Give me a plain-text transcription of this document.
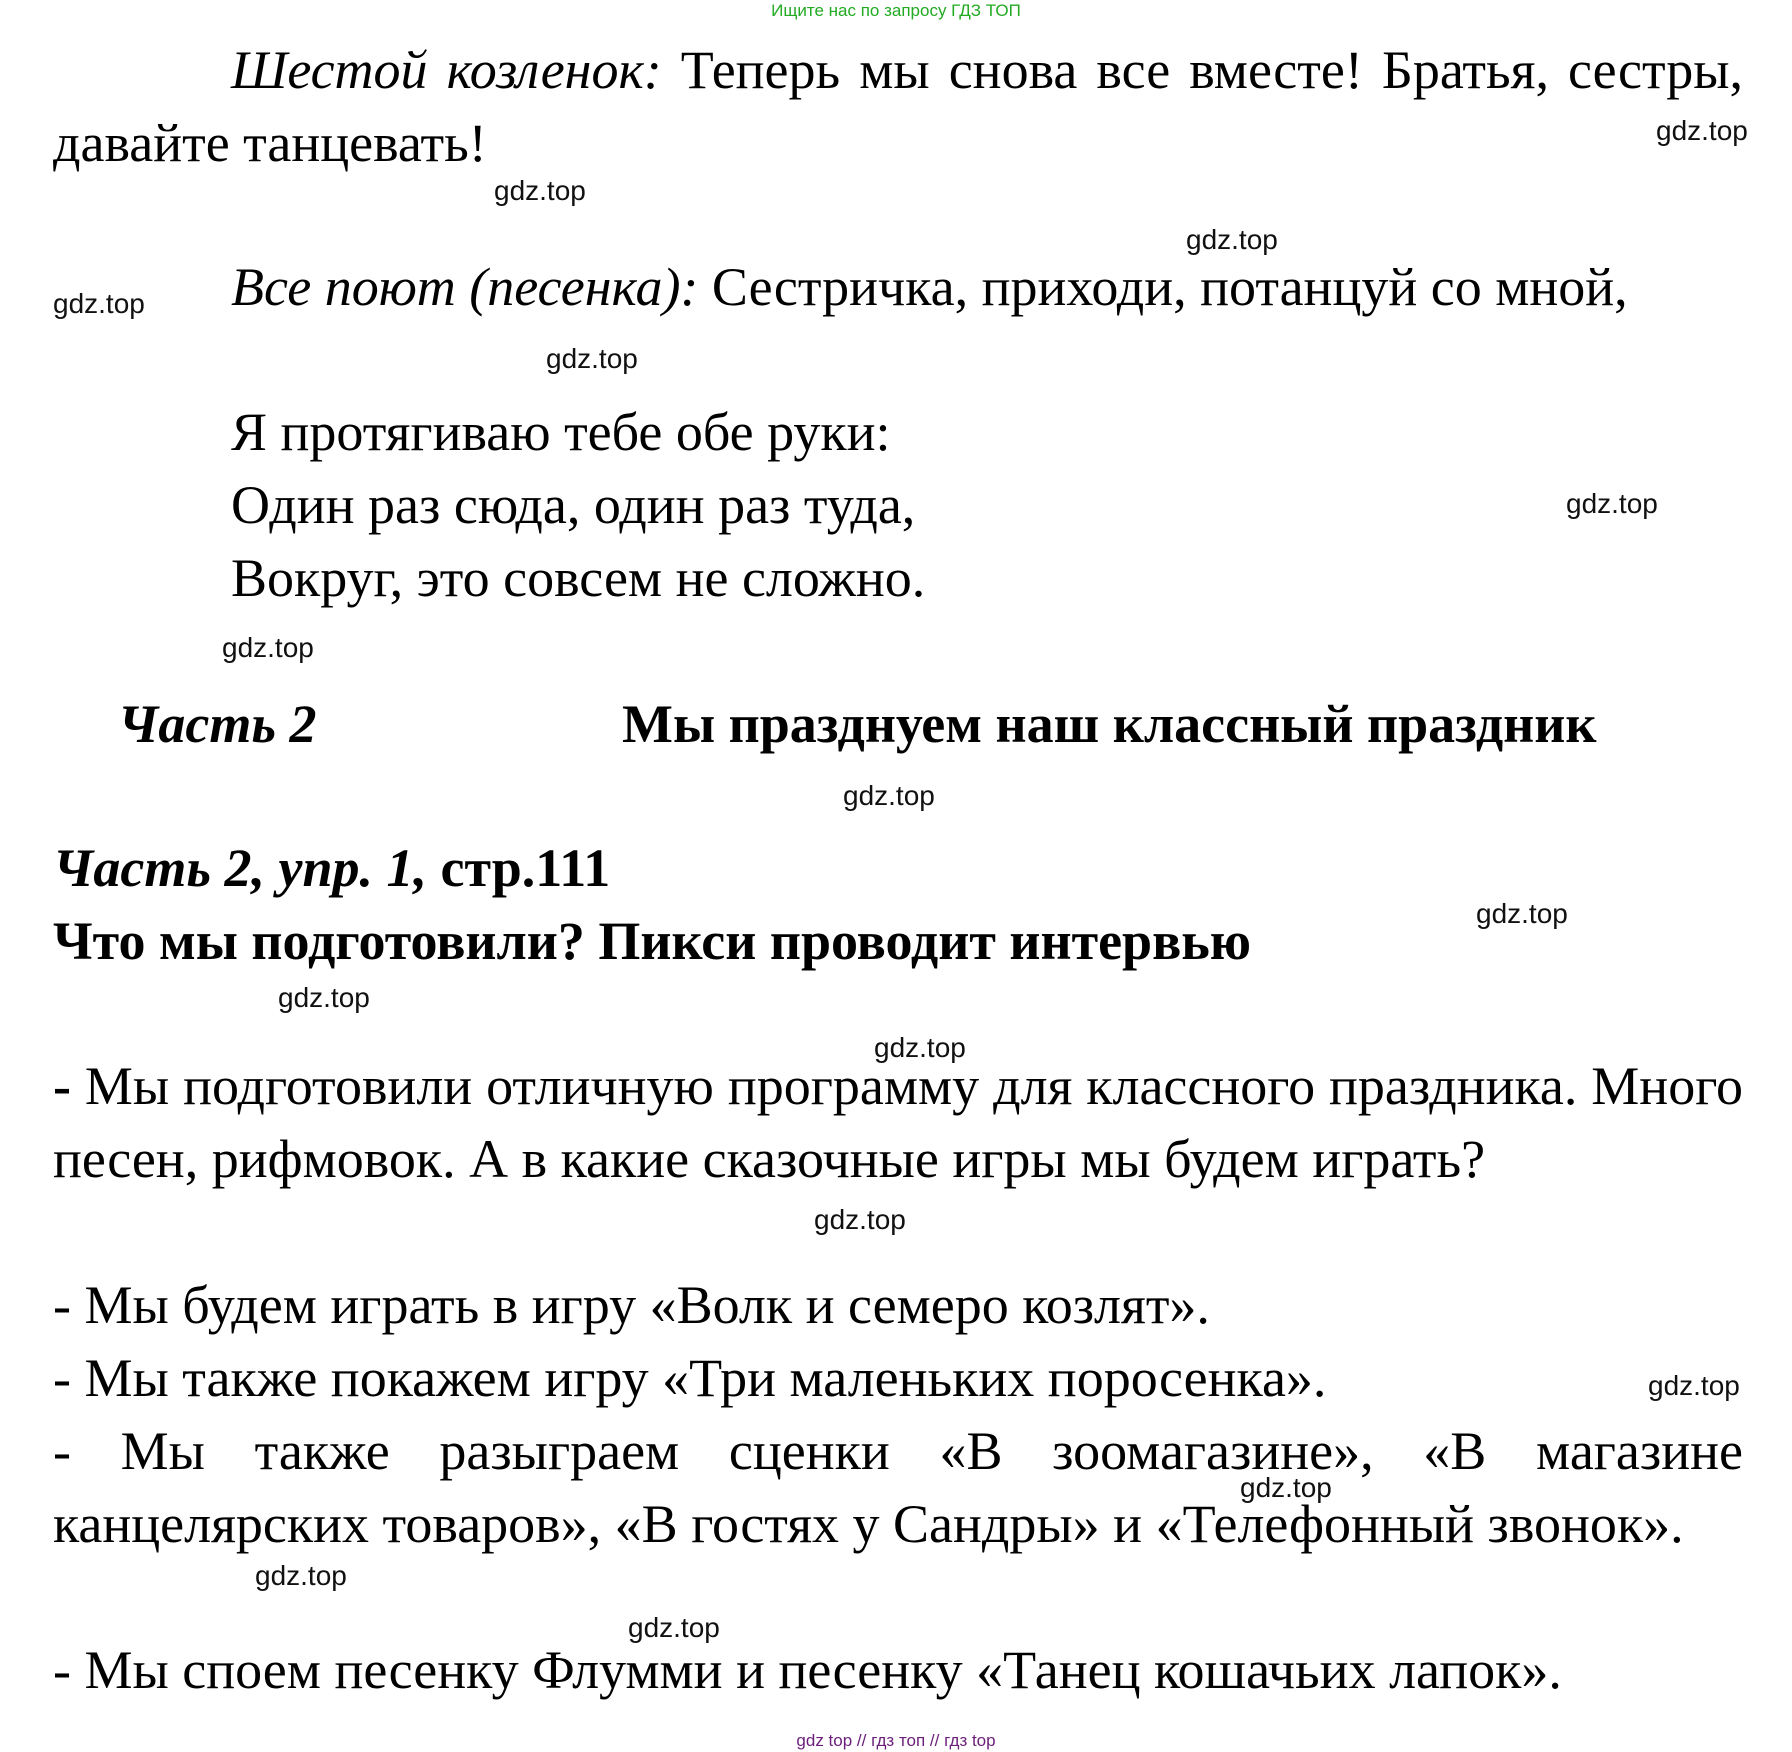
Ищите нас по запросу ГДЗ ТОП
Шестой козленок: Теперь мы снова все вместе! Братья, сестры, давайте танцевать!
Все поют (песенка): Сестричка, приходи, потанцуй со мной,
Я протягиваю тебе обе руки:
Один раз сюда, один раз туда,
Вокруг, это совсем не сложно.
Часть 2	Мы празднуем наш классный праздник
Часть 2, упр. 1, стр.111
Что мы подготовили? Пикси проводит интервью
- Мы подготовили отличную программу для классного праздника. Много песен, рифмовок. А в какие сказочные игры мы будем играть?
- Мы будем играть в игру «Волк и семеро козлят».
- Мы также покажем игру «Три маленьких поросенка».
- Мы также разыграем сценки «В зоомагазине», «В магазине канцелярских товаров», «В гостях у Сандры» и «Телефонный звонок».
- Мы споем песенку Флумми и песенку «Танец кошачьих лапок».
gdz.top
gdz.top
gdz.top
gdz.top
gdz.top
gdz.top
gdz.top
gdz.top
gdz.top
gdz.top
gdz.top
gdz.top
gdz.top
gdz.top
gdz.top
gdz.top
gdz top // гдз топ // гдз top
